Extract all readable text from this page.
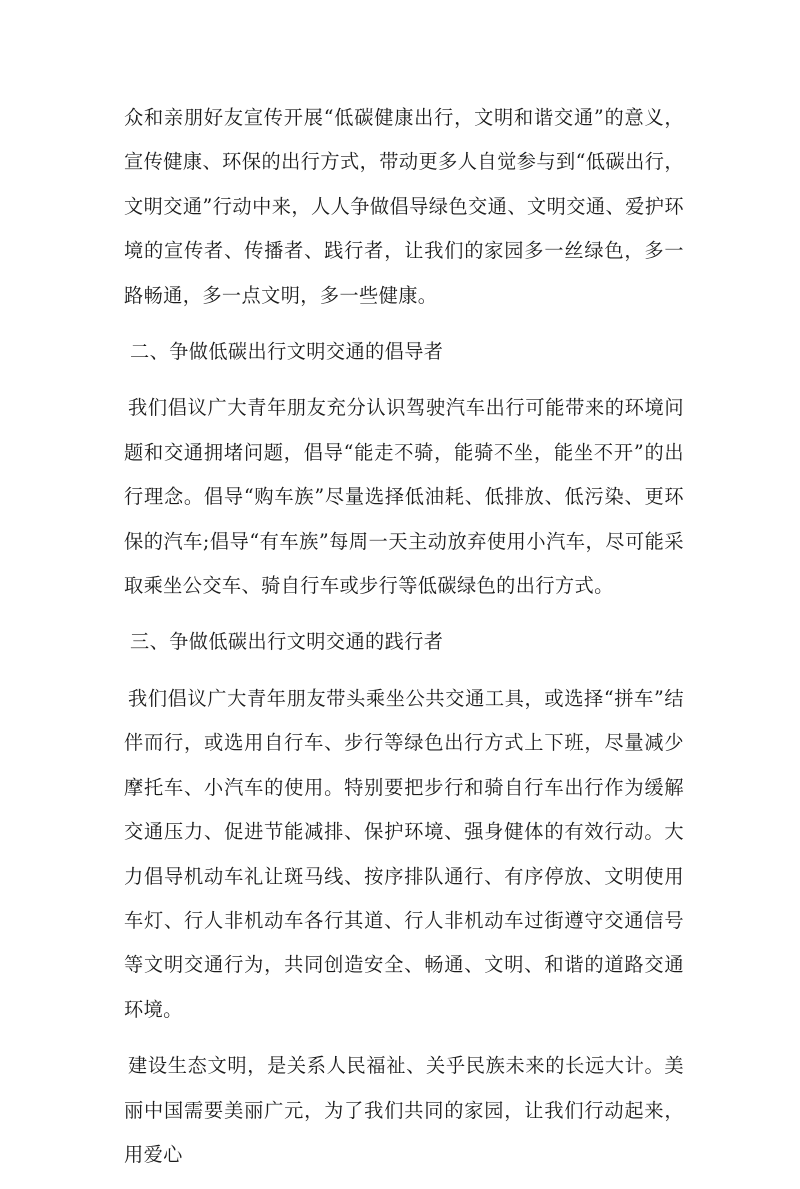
众和亲朋好友宣传开展“低碳健康出行，文明和谐交通”的意义，宣传健康、环保的出行方式，带动更多人自觉参与到“低碳出行，文明交通”行动中来，人人争做倡导绿色交通、文明交通、爱护环境的宣传者、传播者、践行者，让我们的家园多一丝绿色，多一路畅通，多一点文明，多一些健康。

二、争做低碳出行文明交通的倡导者

我们倡议广大青年朋友充分认识驾驶汽车出行可能带来的环境问题和交通拥堵问题，倡导“能走不骑，能骑不坐，能坐不开”的出行理念。倡导“购车族”尽量选择低油耗、低排放、低污染、更环保的汽车;倡导“有车族”每周一天主动放弃使用小汽车，尽可能采取乘坐公交车、骑自行车或步行等低碳绿色的出行方式。

三、争做低碳出行文明交通的践行者

我们倡议广大青年朋友带头乘坐公共交通工具，或选择“拼车”结伴而行，或选用自行车、步行等绿色出行方式上下班，尽量减少摩托车、小汽车的使用。特别要把步行和骑自行车出行作为缓解交通压力、促进节能减排、保护环境、强身健体的有效行动。大力倡导机动车礼让斑马线、按序排队通行、有序停放、文明使用车灯、行人非机动车各行其道、行人非机动车过街遵守交通信号等文明交通行为，共同创造安全、畅通、文明、和谐的道路交通环境。

建设生态文明，是关系人民福祉、关乎民族未来的长远大计。美丽中国需要美丽广元，为了我们共同的家园，让我们行动起来，用爱心
